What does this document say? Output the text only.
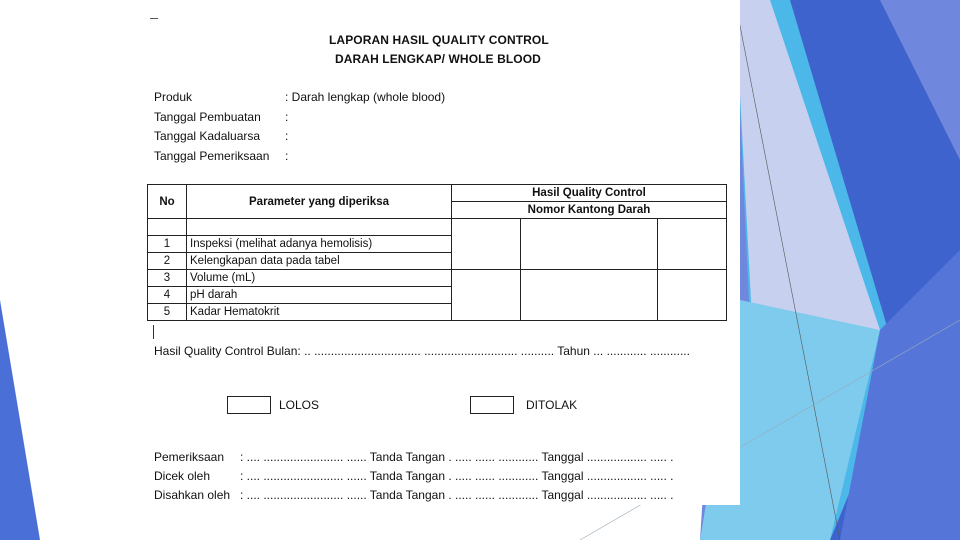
LAPORAN HASIL QUALITY CONTROL
DARAH LENGKAP/ WHOLE BLOOD
Produk	: Darah lengkap (whole blood)
Tanggal Pembuatan :
Tanggal Kadaluarsa :
Tanggal Pemeriksaan :
No	Parameter yang diperiksa	Hasil Quality Control		
		Nomor Kantong Darah		

1	Inspeksi (melihat adanya hemolisis)			
2	Kelengkapan data pada tabel			
3	Volume (mL)			
4	pH darah			
5	Kadar Hematokrit			
Hasil Quality Control Bulan: .. ................................ ............................ .......... Tahun ... ............ ............
LOLOS	DITOLAK
Pemeriksaan : .... ........................ ...... Tanda Tangan . ..... ...... ............ Tanggal .................. ..... .
Dicek oleh : .... ........................ ...... Tanda Tangan . ..... ...... ............ Tanggal .................. ..... .
Disahkan oleh : .... ........................ ...... Tanda Tangan . ..... ...... ............ Tanggal .................. ..... .
